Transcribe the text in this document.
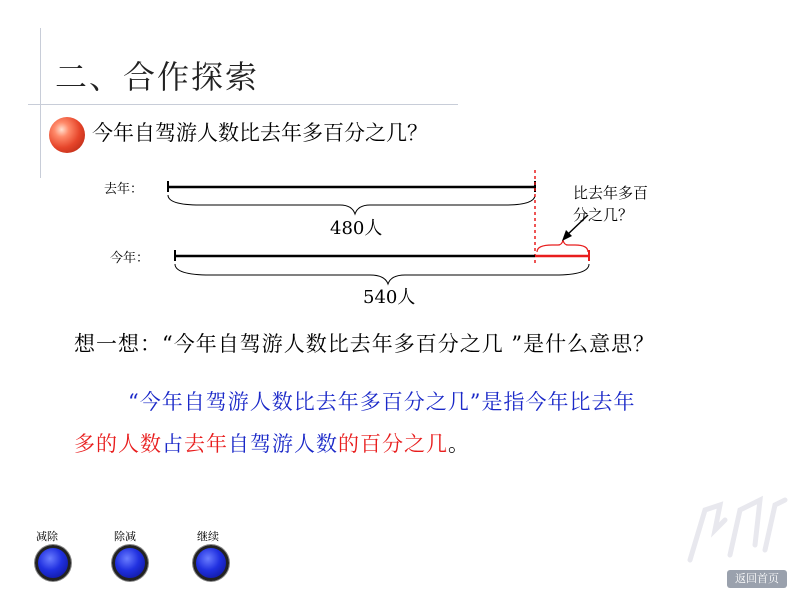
二、合作探索
今年自驾游人数比去年多百分之几？
去年：
今年：
480人
540人
比去年多百
分之几？
想一想：“今年自驾游人数比去年多百分之几 ”是什么意思？
“今年自驾游人数比去年多百分之几”是指今年比去年
多的人数占去年自驾游人数的百分之几。
减除	除减	继续
返回首页
